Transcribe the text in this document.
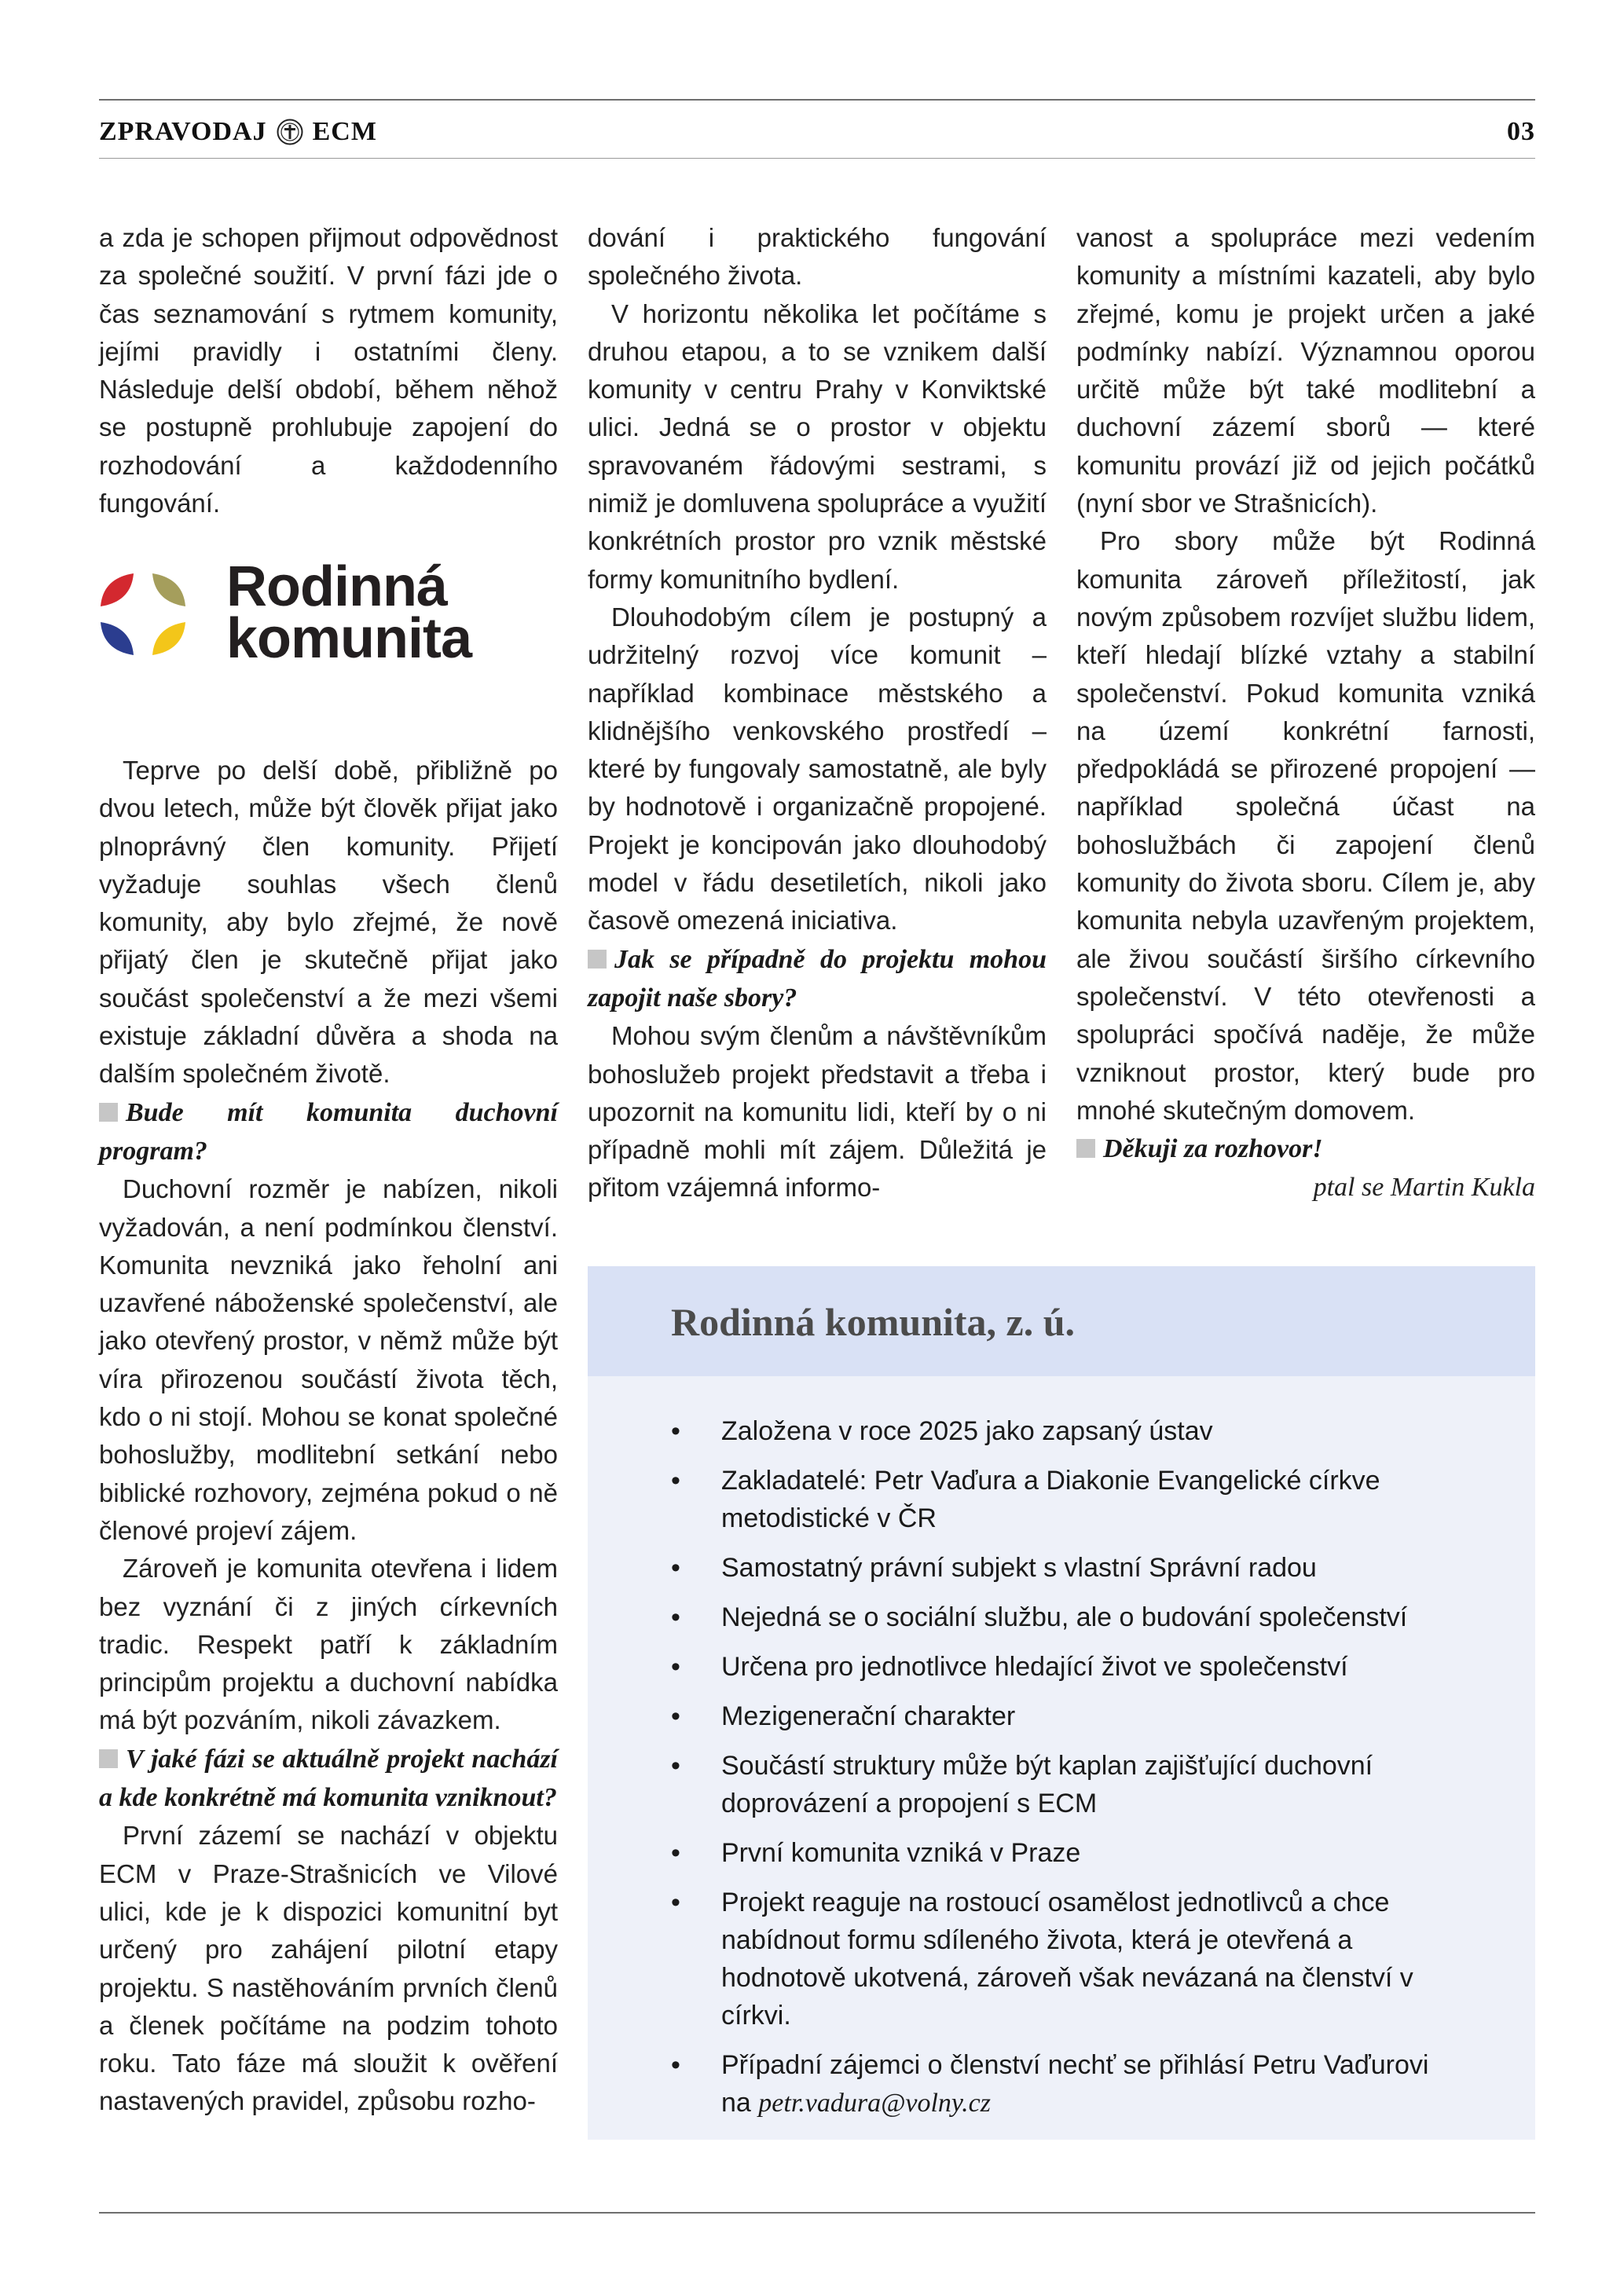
ZPRAVODAJ ECM	03

a zda je schopen přijmout odpovědnost za společné soužití. V první fázi jde o čas seznamování s rytmem komunity, jejími pravidly i ostatními členy. Následuje delší období, během něhož se postupně prohlubuje zapojení do rozhodování a každodenního fungování.

Rodinná
komunita

Teprve po delší době, přibližně po dvou letech, může být člověk přijat jako plnoprávný člen komunity. Přijetí vyžaduje souhlas všech členů komunity, aby bylo zřejmé, že nově přijatý člen je skutečně přijat jako součást společenství a že mezi všemi existuje základní důvěra a shoda na dalším společném životě.

Bude mít komunita duchovní program?

Duchovní rozměr je nabízen, nikoli vyžadován, a není podmínkou členství. Komunita nevzniká jako řeholní ani uzavřené náboženské společenství, ale jako otevřený prostor, v němž může být víra přirozenou součástí života těch, kdo o ni stojí. Mohou se konat společné bohoslužby, modlitební setkání nebo biblické rozhovory, zejména pokud o ně členové projeví zájem.

Zároveň je komunita otevřena i lidem bez vyznání či z jiných církevních tradic. Respekt patří k základním principům projektu a duchovní nabídka má být pozváním, nikoli závazkem.

V jaké fázi se aktuálně projekt nachází a kde konkrétně má komunita vzniknout?

První zázemí se nachází v objektu ECM v Praze-Strašnicích ve Vilové ulici, kde je k dispozici komunitní byt určený pro zahájení pilotní etapy projektu. S nastěhováním prvních členů a členek počítáme na podzim tohoto roku. Tato fáze má sloužit k ověření nastavených pravidel, způsobu rozho-

dování i praktického fungování společného života.

V horizontu několika let počítáme s druhou etapou, a to se vznikem další komunity v centru Prahy v Konviktské ulici. Jedná se o prostor v objektu spravovaném řádovými sestrami, s nimiž je domluvena spolupráce a využití konkrétních prostor pro vznik městské formy komunitního bydlení.

Dlouhodobým cílem je postupný a udržitelný rozvoj více komunit – například kombinace městského a klidnějšího venkovského prostředí – které by fungovaly samostatně, ale byly by hodnotově i organizačně propojené. Projekt je koncipován jako dlouhodobý model v řádu desetiletích, nikoli jako časově omezená iniciativa.

Jak se případně do projektu mohou zapojit naše sbory?

Mohou svým členům a návštěvníkům bohoslužeb projekt představit a třeba i upozornit na komunitu lidi, kteří by o ni případně mohli mít zájem. Důležitá je přitom vzájemná informo-

vanost a spolupráce mezi vedením komunity a místními kazateli, aby bylo zřejmé, komu je projekt určen a jaké podmínky nabízí. Významnou oporou určitě může být také modlitební a duchovní zázemí sborů — které komunitu provází již od jejich počátků (nyní sbor ve Strašnicích).

Pro sbory může být Rodinná komunita zároveň příležitostí, jak novým způsobem rozvíjet službu lidem, kteří hledají blízké vztahy a stabilní společenství. Pokud komunita vzniká na území konkrétní farnosti, předpokládá se přirozené propojení — například společná účast na bohoslužbách či zapojení členů komunity do života sboru. Cílem je, aby komunita nebyla uzavřeným projektem, ale živou součástí širšího církevního společenství. V této otevřenosti a spolupráci spočívá naděje, že může vzniknout prostor, který bude pro mnohé skutečným domovem.

Děkuji za rozhovor!

ptal se Martin Kukla

Rodinná komunita, z. ú.
• Založena v roce 2025 jako zapsaný ústav
• Zakladatelé: Petr Vaďura a Diakonie Evangelické církve metodistické v ČR
• Samostatný právní subjekt s vlastní Správní radou
• Nejedná se o sociální službu, ale o budování společenství
• Určena pro jednotlivce hledající život ve společenství
• Mezigenerační charakter
• Součástí struktury může být kaplan zajišťující duchovní doprovázení a propojení s ECM
• První komunita vzniká v Praze
• Projekt reaguje na rostoucí osamělost jednotlivců a chce nabídnout formu sdíleného života, která je otevřená a hodnotově ukotvená, zároveň však nevázaná na členství v církvi.
• Případní zájemci o členství nechť se přihlásí Petru Vaďurovi na petr.vadura@volny.cz
